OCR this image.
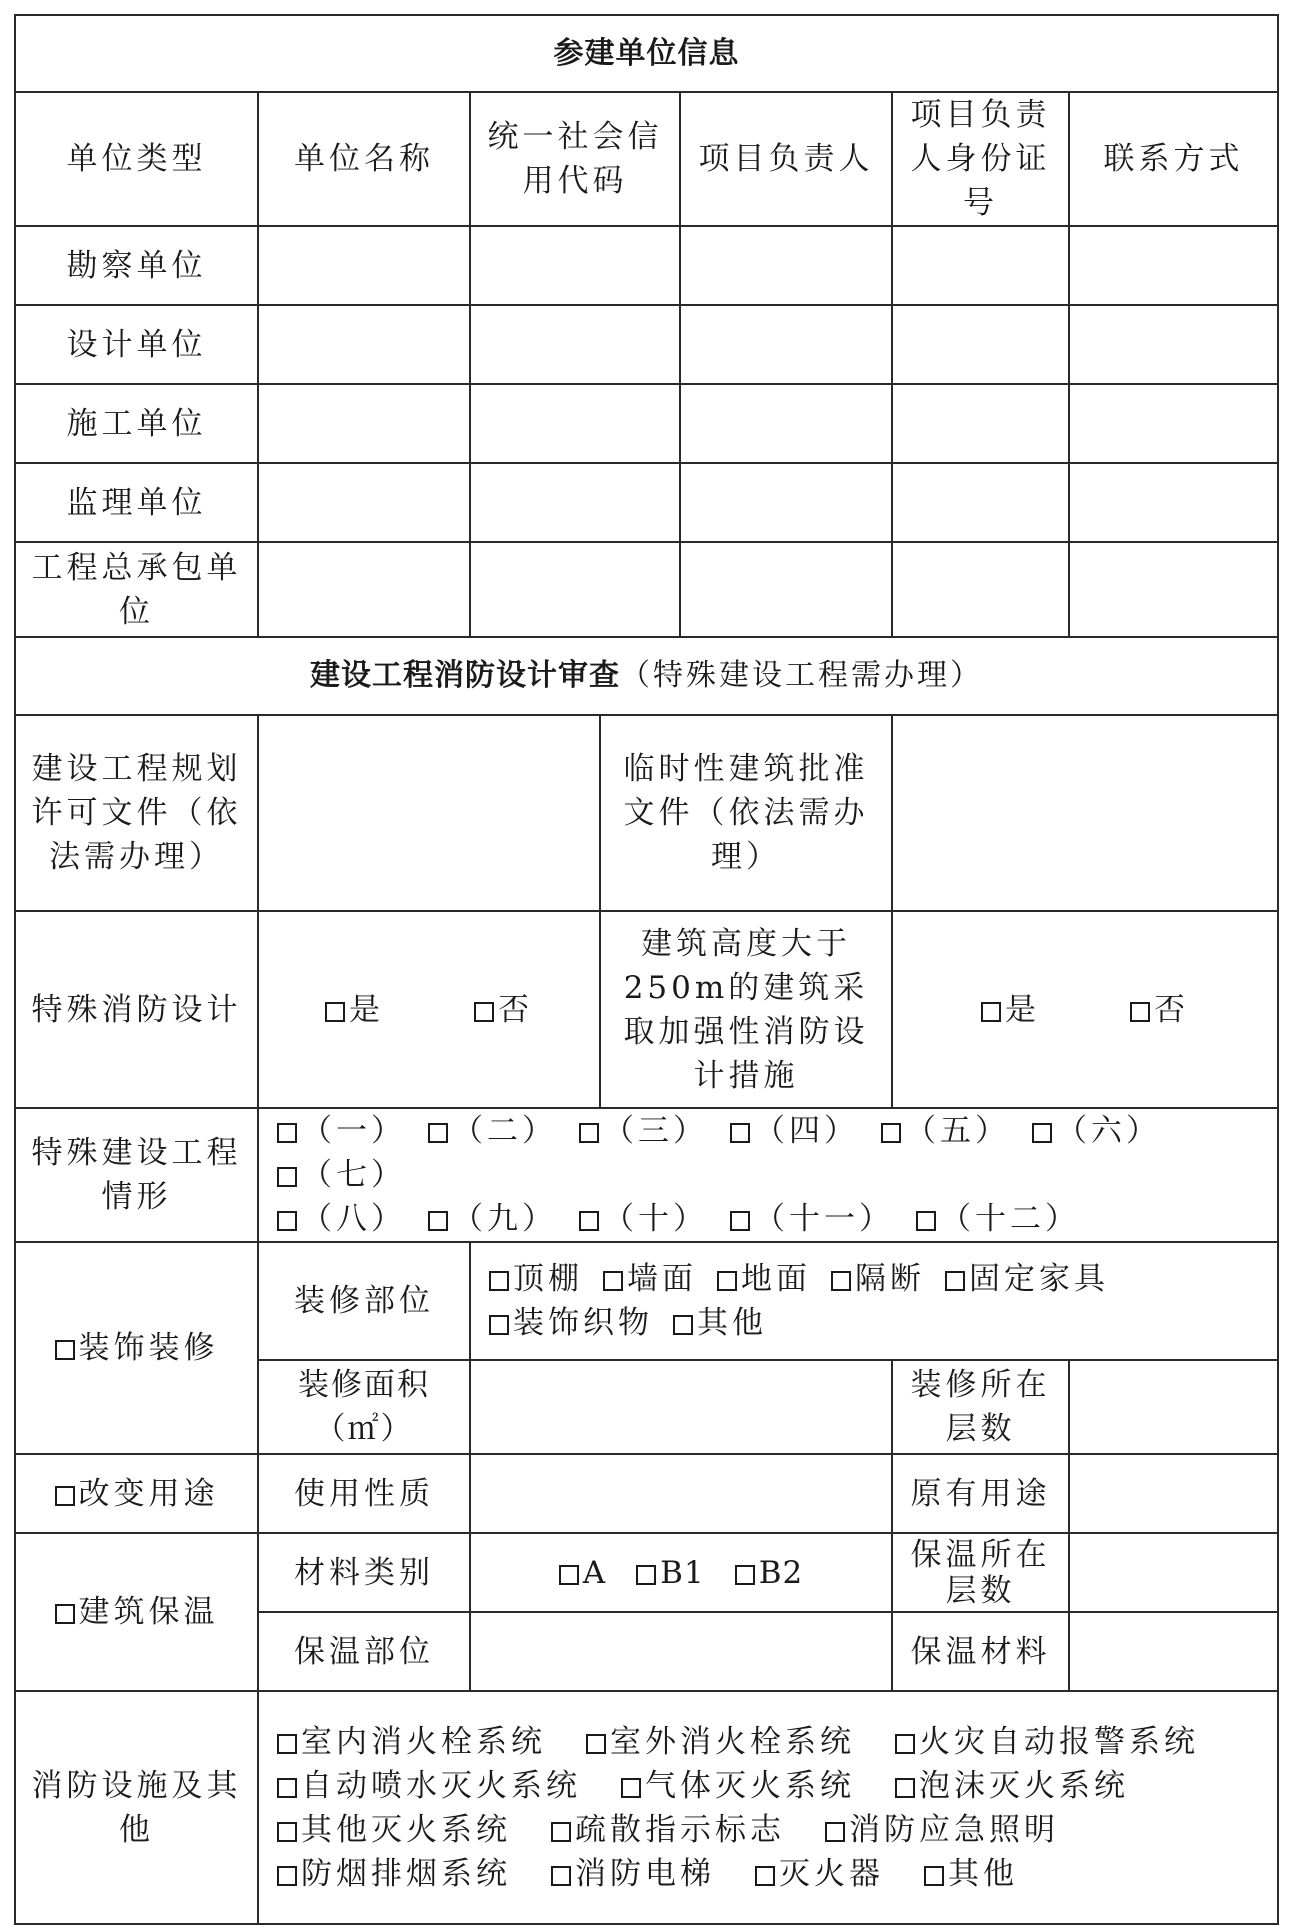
参建单位信息						
单位类型	单位名称	统一社会信用代码		项目负责人	项目负责人身份证号	联系方式
勘察单位						
设计单位						
施工单位						
监理单位						
工程总承包单位						
建设工程消防设计审查（特殊建设工程需办理）						
建设工程规划许可文件（依法需办理）			临时性建筑批准文件（依法需办理）			
特殊消防设计	是 否		建筑高度大于250m的建筑采取加强性消防设计措施		是 否	
特殊建设工程情形	（一） （二） （三） （四） （五） （六）（七）
（八） （九） （十） （十一） （十二）					
装饰装修	装修部位	顶棚 墙面 地面 隔断 固定家具
装饰织物 其他				
	装修面积（㎡）				装修所在层数	
改变用途	使用性质				原有用途	
建筑保温	材料类别	A B1 B2			保温所在层数	
	保温部位				保温材料	
消防设施及其他	室内消火栓系统 室外消火栓系统 火灾自动报警系统
自动喷水灭火系统 气体灭火系统 泡沫灭火系统
其他灭火系统 疏散指示标志 消防应急照明
防烟排烟系统 消防电梯 灭火器 其他					
